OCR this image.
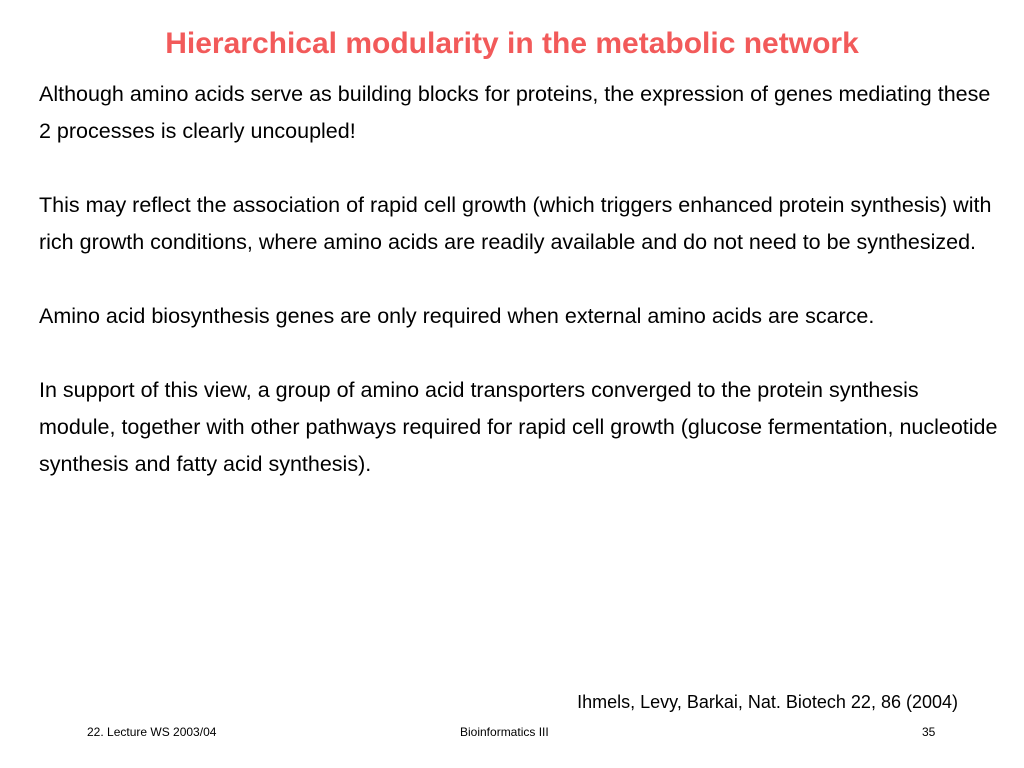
Hierarchical modularity in the metabolic network

Although amino acids serve as building blocks for proteins, the expression of genes mediating these 2 processes is clearly uncoupled!

This may reflect the association of rapid cell growth (which triggers enhanced protein synthesis) with rich growth conditions, where amino acids are readily available and do not need to be synthesized.

Amino acid biosynthesis genes are only required when external amino acids are scarce.

In support of this view, a group of amino acid transporters converged to the protein synthesis module, together with other pathways required for rapid cell growth (glucose fermentation, nucleotide synthesis and fatty acid synthesis).

Ihmels, Levy, Barkai, Nat. Biotech 22, 86 (2004)
22. Lecture WS 2003/04	Bioinformatics III	35
